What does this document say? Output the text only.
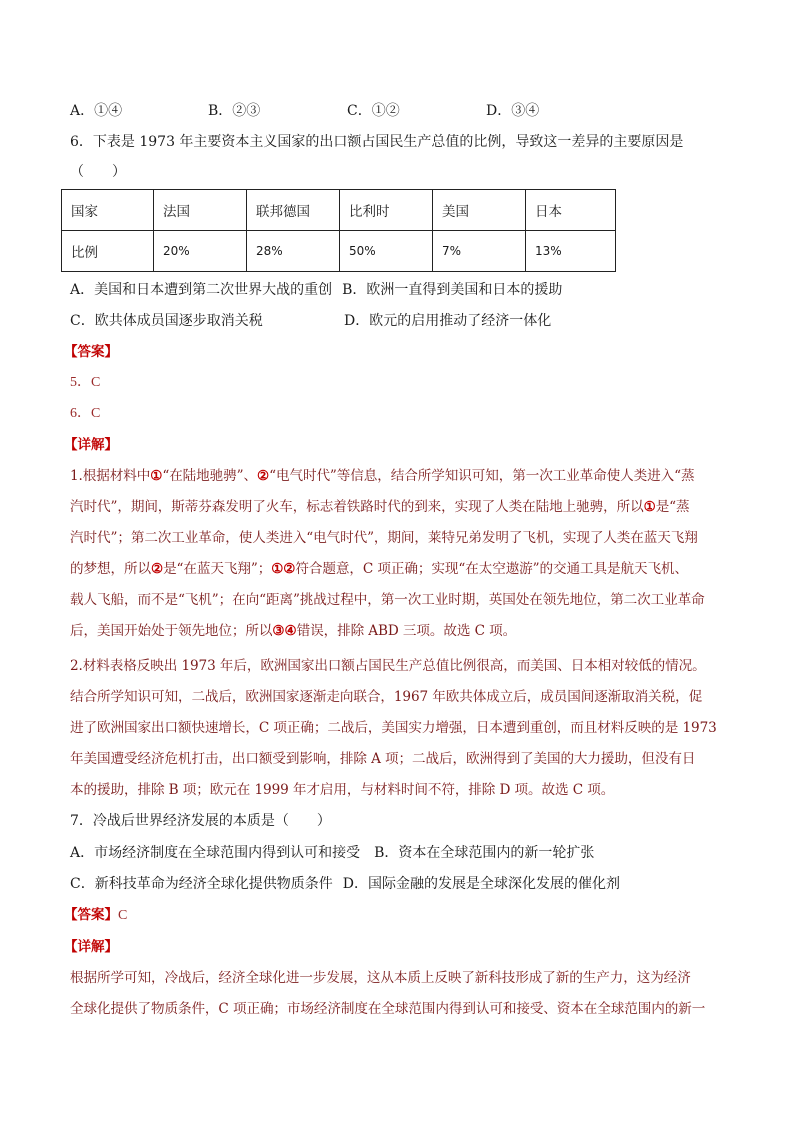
A．①④	B．②③	C．①②	D．③④
6．下表是 1973 年主要资本主义国家的出口额占国民生产总值的比例，导致这一差异的主要原因是
（　　）
国家	法国	联邦德国	比利时	美国	日本
比例	20%	28%	50%	7%	13%
A．美国和日本遭到第二次世界大战的重创 B．欧洲一直得到美国和日本的援助
C．欧共体成员国逐步取消关税	D．欧元的启用推动了经济一体化
【答案】
5．C
6．C
【详解】
1.根据材料中①“在陆地驰骋”、②“电气时代”等信息，结合所学知识可知，第一次工业革命使人类进入“蒸
汽时代”，期间，斯蒂芬森发明了火车，标志着铁路时代的到来，实现了人类在陆地上驰骋，所以①是“蒸
汽时代”；第二次工业革命，使人类进入“电气时代”，期间，莱特兄弟发明了飞机，实现了人类在蓝天飞翔
的梦想，所以②是“在蓝天飞翔”；①②符合题意，C 项正确；实现“在太空遨游”的交通工具是航天飞机、
载人飞船，而不是“飞机”；在向“距离”挑战过程中，第一次工业时期，英国处在领先地位，第二次工业革命
后，美国开始处于领先地位；所以③④错误，排除 ABD 三项。故选 C 项。
2.材料表格反映出 1973 年后，欧洲国家出口额占国民生产总值比例很高，而美国、日本相对较低的情况。
结合所学知识可知，二战后，欧洲国家逐渐走向联合，1967 年欧共体成立后，成员国间逐渐取消关税，促
进了欧洲国家出口额快速增长，C 项正确；二战后，美国实力增强，日本遭到重创，而且材料反映的是 1973
年美国遭受经济危机打击，出口额受到影响，排除 A 项；二战后，欧洲得到了美国的大力援助，但没有日
本的援助，排除 B 项；欧元在 1999 年才启用，与材料时间不符，排除 D 项。故选 C 项。
7．冷战后世界经济发展的本质是（　　）
A．市场经济制度在全球范围内得到认可和接受 B．资本在全球范围内的新一轮扩张
C．新科技革命为经济全球化提供物质条件 D．国际金融的发展是全球深化发展的催化剂
【答案】C
【详解】
根据所学可知，冷战后，经济全球化进一步发展，这从本质上反映了新科技形成了新的生产力，这为经济
全球化提供了物质条件，C 项正确；市场经济制度在全球范围内得到认可和接受、资本在全球范围内的新一
